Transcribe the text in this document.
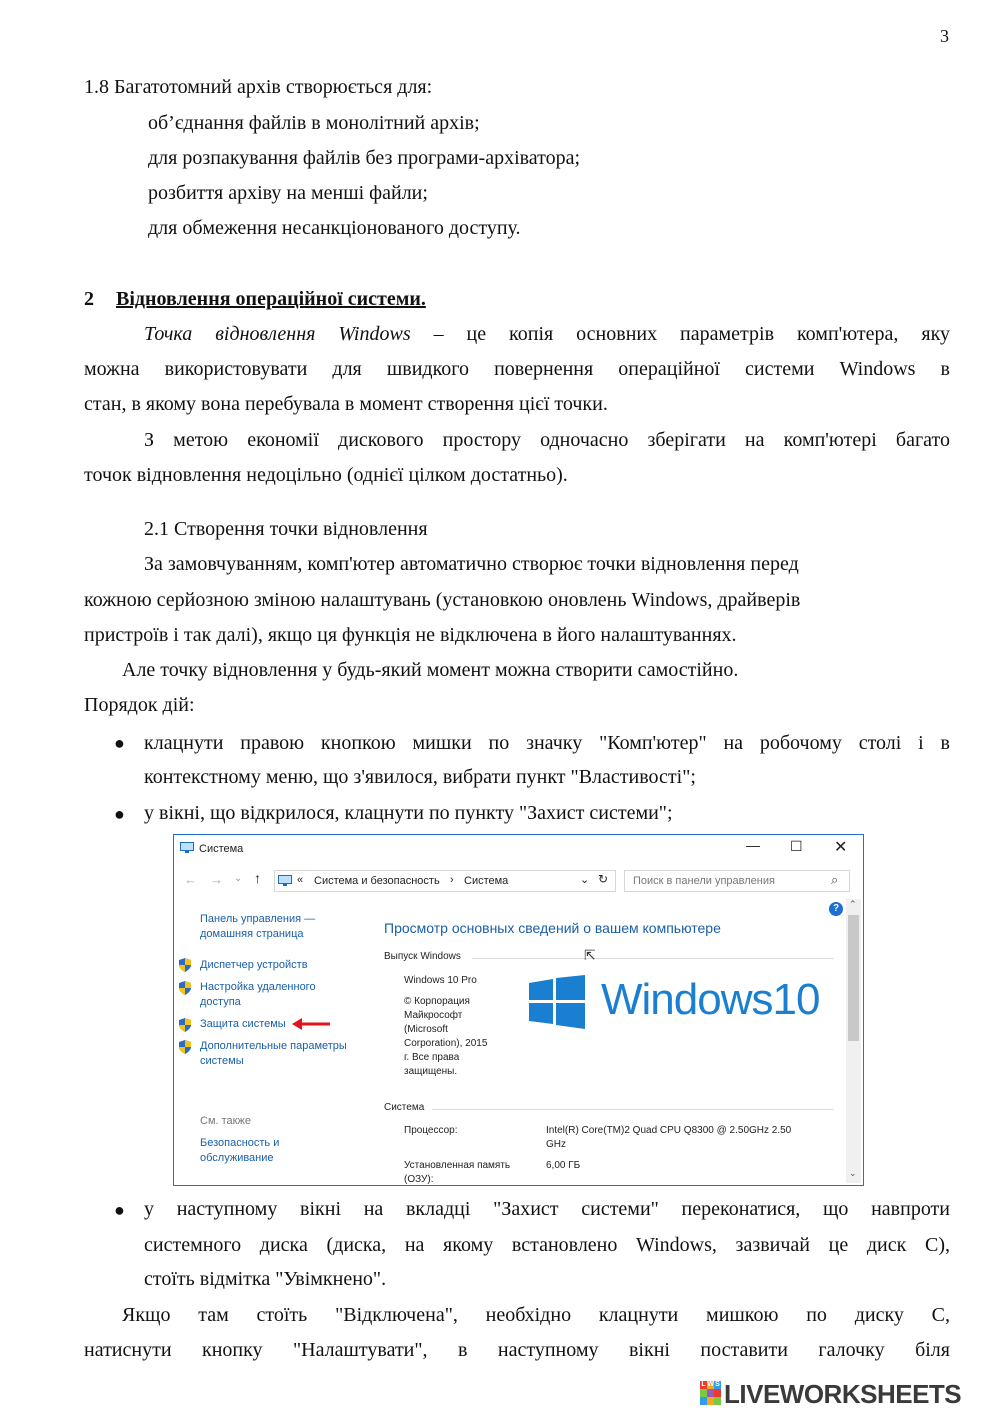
3
1.8 Багатотомний архів створюється для:
об’єднання файлів в монолітний архів;
для розпакування файлів без програми-архіватора;
розбиття архіву на менші файли;
для обмеження несанкціонованого доступу.
2 Відновлення операційної системи.
Точка відновлення Windows – це копія основних параметрів комп'ютера, яку
можна використовувати для швидкого повернення операційної системи Windows в
стан, в якому вона перебувала в момент створення цієї точки.
З метою економії дискового простору одночасно зберігати на комп'ютері багато
точок відновлення недоцільно (однієї цілком достатньо).
2.1 Створення точки відновлення
За замовчуванням, комп'ютер автоматично створює точки відновлення перед
кожною серйозною зміною налаштувань (установкою оновлень Windows, драйверів
пристроїв і так далі), якщо ця функція не відключена в його налаштуваннях.
Але точку відновлення у будь-який момент можна створити самостійно.
Порядок дій:
● клацнути правою кнопкою мишки по значку "Комп'ютер" на робочому столі і в
контекстному меню, що з'явилося, вибрати пункт "Властивості";
● у вікні, що відкрилося, клацнути по пункту "Захист системи";
Система	— ☐ ✕
← → ⌄ ↑	« Система и безопасность › Система	⌄ ↻ Поиск в панели управления	⌕
Панель управления —
домашняя страница
Диспетчер устройств
Настройка удаленного
доступа
Защита системы
Дополнительные параметры
системы
См. также
Безопасность и
обслуживание
?
Просмотр основных сведений о вашем компьютере
Выпуск Windows	⇱
Windows 10 Pro
© Корпорация
Майкрософт
(Microsoft
Corporation), 2015
г. Все права
защищены.
Windows10
Система
Процессор:	Intel(R) Core(TM)2 Quad CPU Q8300 @ 2.50GHz 2.50
GHz
Установленная память
(ОЗУ):
6,00 ГБ
⌃
⌄
● у наступному вікні на вкладці "Захист системи" переконатися, що навпроти
системного диска (диска, на якому встановлено Windows, зазвичай це диск C),
стоїть відмітка "Увімкнено".
Якщо там стоїть "Відключена", необхідно клацнути мишкою по диску C,
натиснути кнопку "Налаштувати", в наступному вікні поставити галочку біля
L W S LIVEWORKSHEETS
